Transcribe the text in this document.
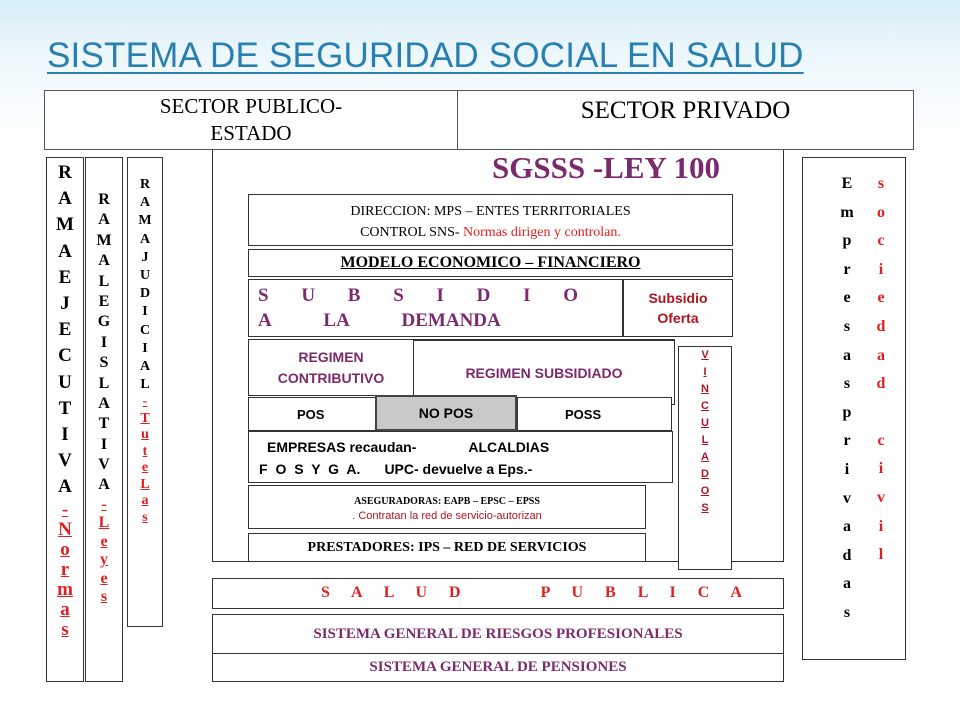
SISTEMA DE SEGURIDAD SOCIAL EN SALUD
SECTOR PUBLICO- ESTADO
SECTOR PRIVADO
R
A
M
A
E
J
E
C
U
T
I
V
A
-
N
o
r
m
a
s
R
A
M
A
L
E
G
I
S
L
A
T
I
V
A
-
L
e
y
e
s
R
A
M
A
J
U
D
I
C
I
A
L
-
T
u
t
e
L
a
s
SGSSS -LEY 100
DIRECCION: MPS – ENTES TERRITORIALES
CONTROL SNS- Normas dirigen y controlan.
MODELO ECONOMICO – FINANCIERO
S U B S I D I O
A LA DEMANDA
Subsidio
Oferta
REGIMEN
CONTRIBUTIVO	REGIMEN SUBSIDIADO
POS	NO POS	POSS
EMPRESAS recaudan-	ALCALDIAS
F O S Y G A. UPC- devuelve a Eps.-
ASEGURADORAS: EAPB – EPSC – EPSS
. Contratan la red de servicio-autorizan
PRESTADORES: IPS – RED DE SERVICIOS
V
I
N
C
U
L
A
D
O
S
S A L U D	P U B L I C A
SISTEMA GENERAL DE RIESGOS PROFESIONALES
SISTEMA GENERAL DE PENSIONES
E
m
p
r
e
s
a
s
p
r
i
v
a
d
a
s
s
o
c
i
e
d
a
d
c
i
v
i
l
